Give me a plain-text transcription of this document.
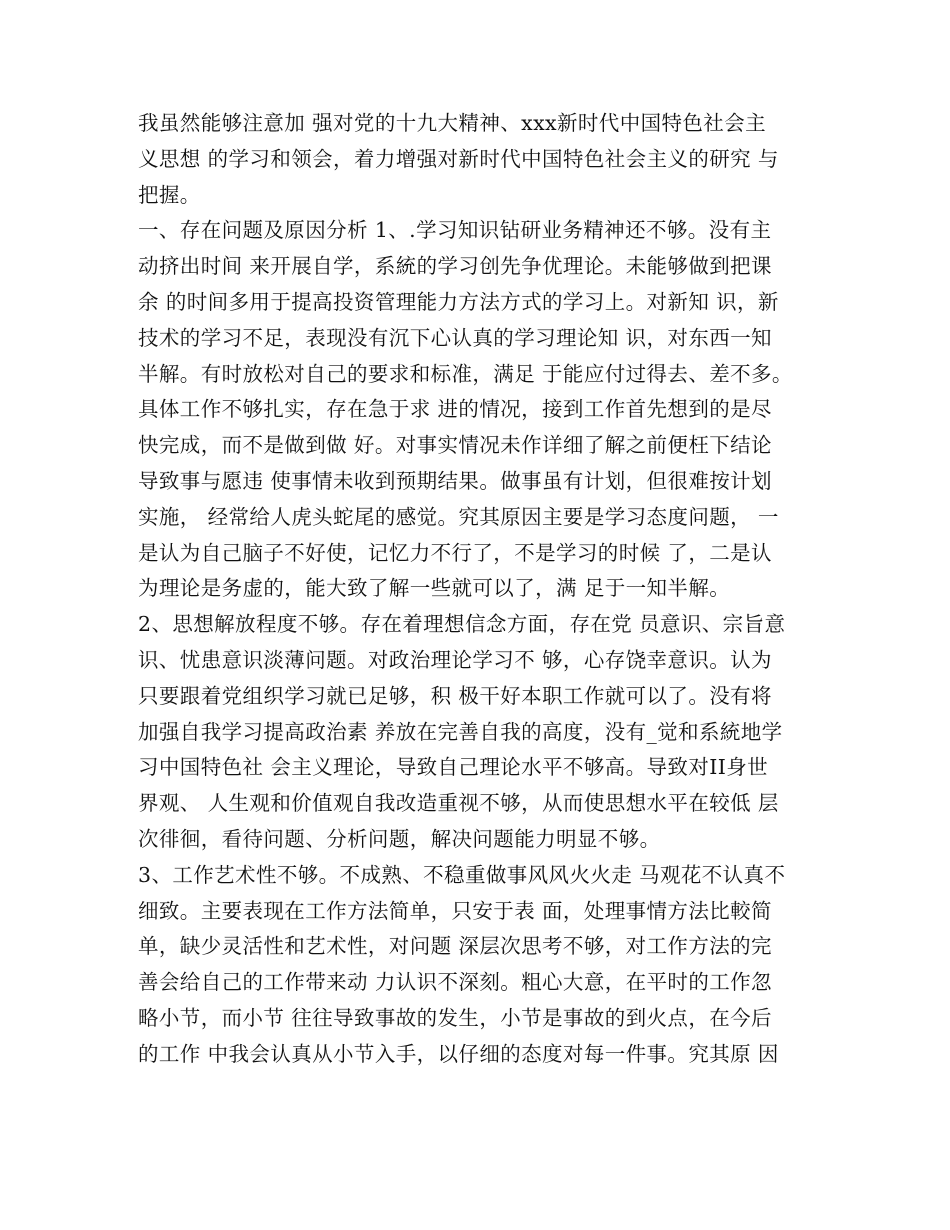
我虽然能够注意加 强对党的十九大精神、xxx新时代中国特色社会主
义思想 的学习和领会，着力增强对新时代中国特色社会主义的研究 与
把握。
一、存在问题及原因分析 1、.学习知识钻研业务精神还不够。没有主
动挤出时间 来开展自学，系統的学习创先争优理论。未能够做到把课
余 的时间多用于提高投资管理能力方法方式的学习上。对新知 识，新
技术的学习不足，表现没有沉下心认真的学习理论知 识，对东西一知
半解。有时放松对自己的要求和标准，满足 于能应付过得去、差不多。
具体工作不够扎实，存在急于求 进的情况，接到工作首先想到的是尽
快完成，而不是做到做 好。对事实情况未作详细了解之前便枉下结论
导致事与愿违 使事情未收到预期结果。做事虽有计划，但很难按计划
实施， 经常给人虎头蛇尾的感觉。究其原因主要是学习态度问题， 一
是认为自己脑子不好使，记忆力不行了，不是学习的时候 了，二是认
为理论是务虚的，能大致了解一些就可以了，满 足于一知半解。
2、思想解放程度不够。存在着理想信念方面，存在党 员意识、宗旨意
识、忧患意识淡薄问题。对政治理论学习不 够，心存饶幸意识。认为
只要跟着党组织学习就已足够，积 极干好本职工作就可以了。没有将
加强自我学习提高政治素 养放在完善自我的高度，没有_觉和系統地学
习中国特色社 会主义理论，导致自己理论水平不够高。导致对II身世
界观、 人生观和价值观自我改造重视不够，从而使思想水平在较低 层
次徘徊，看待问题、分析问题，解决问题能力明显不够。
3、工作艺术性不够。不成熟、不稳重做事风风火火走 马观花不认真不
细致。主要表现在工作方法简单，只安于表 面，处理事情方法比較简
单，缺少灵活性和艺术性，对问题 深层次思考不够，对工作方法的完
善会给自己的工作带来动 力认识不深刻。粗心大意，在平时的工作忽
略小节，而小节 往往导致事故的发生，小节是事故的到火点，在今后
的工作 中我会认真从小节入手，以仔细的态度对每一件事。究其原 因
